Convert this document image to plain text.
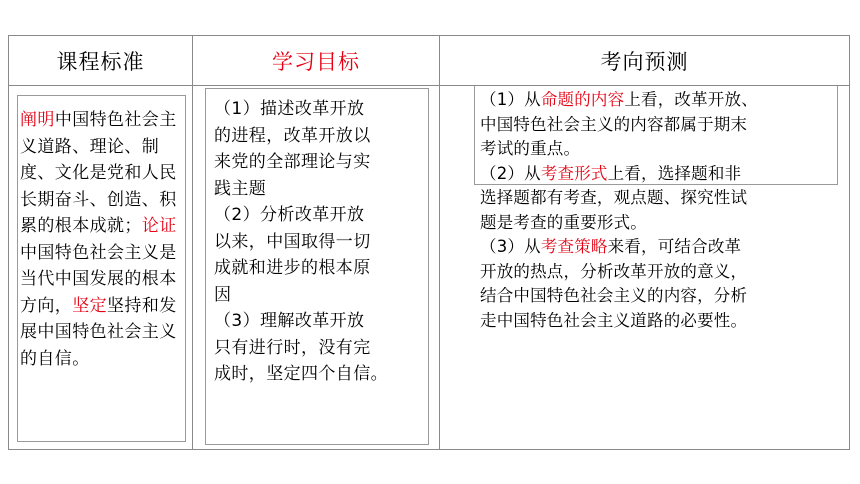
课程标准	学习目标	考向预测
阐明中国特色社会主义道路、理论、制度、文化是党和人民长期奋斗、创造、积累的根本成就；论证中国特色社会主义是当代中国发展的根本方向，坚定坚持和发展中国特色社会主义的自信。
（1）描述改革开放
的进程，改革开放以
来党的全部理论与实
践主题
（2）分析改革开放
以来，中国取得一切
成就和进步的根本原
因
（3）理解改革开放
只有进行时，没有完
成时，坚定四个自信。
（1）从命题的内容上看，改革开放、
中国特色社会主义的内容都属于期末
考试的重点。
（2）从考查形式上看，选择题和非
选择题都有考查，观点题、探究性试
题是考查的重要形式。
（3）从考查策略来看，可结合改革
开放的热点，分析改革开放的意义，
结合中国特色社会主义的内容，分析
走中国特色社会主义道路的必要性。
